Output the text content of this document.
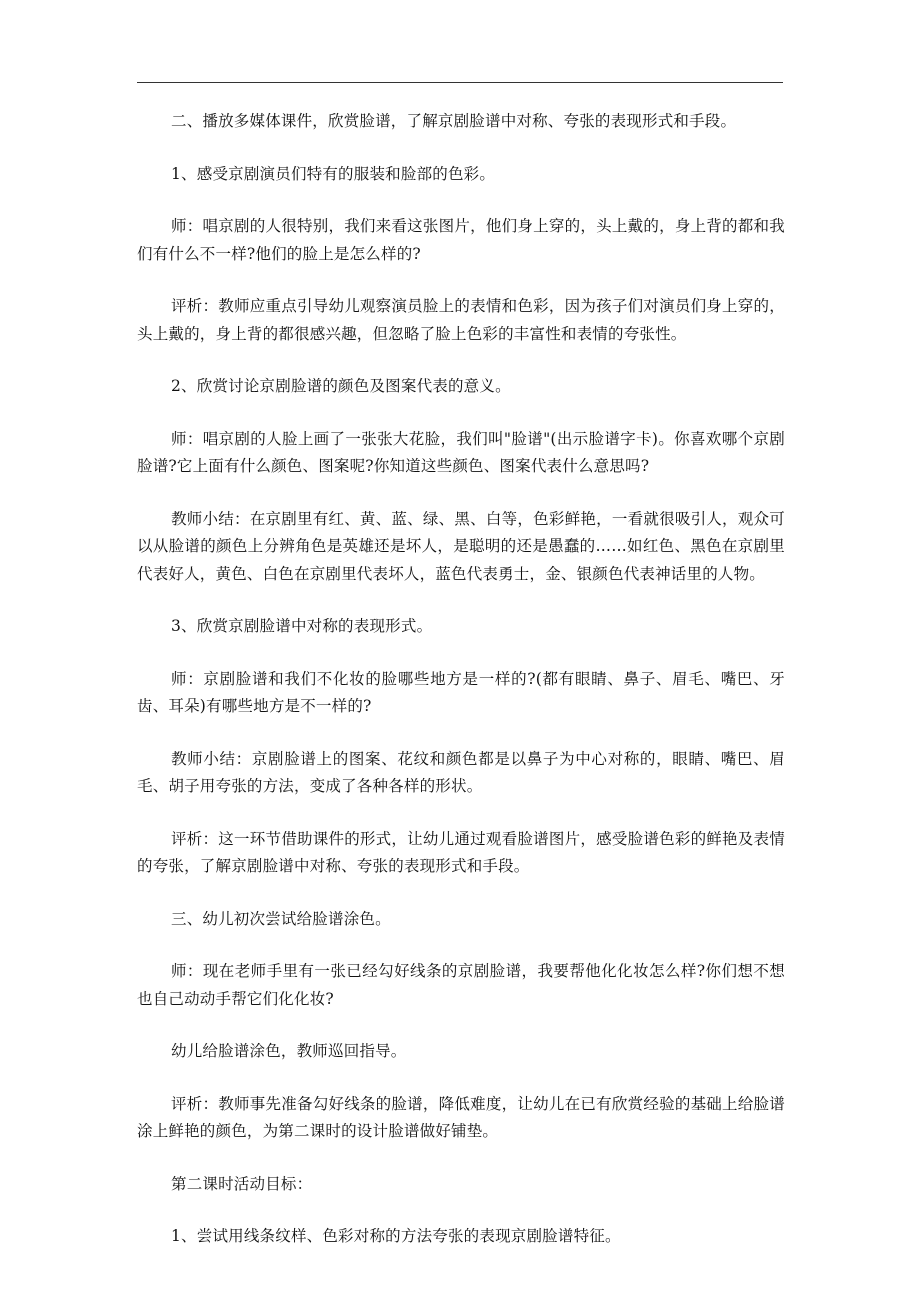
二、播放多媒体课件，欣赏脸谱，了解京剧脸谱中对称、夸张的表现形式和手段。

1、感受京剧演员们特有的服装和脸部的色彩。

师：唱京剧的人很特别，我们来看这张图片，他们身上穿的，头上戴的，身上背的都和我们有什么不一样?他们的脸上是怎么样的?

评析：教师应重点引导幼儿观察演员脸上的表情和色彩，因为孩子们对演员们身上穿的，头上戴的，身上背的都很感兴趣，但忽略了脸上色彩的丰富性和表情的夸张性。

2、欣赏讨论京剧脸谱的颜色及图案代表的意义。

师：唱京剧的人脸上画了一张张大花脸，我们叫"脸谱"(出示脸谱字卡)。你喜欢哪个京剧脸谱?它上面有什么颜色、图案呢?你知道这些颜色、图案代表什么意思吗?

教师小结：在京剧里有红、黄、蓝、绿、黑、白等，色彩鲜艳，一看就很吸引人，观众可以从脸谱的颜色上分辨角色是英雄还是坏人，是聪明的还是愚蠢的……如红色、黑色在京剧里代表好人，黄色、白色在京剧里代表坏人，蓝色代表勇士，金、银颜色代表神话里的人物。

3、欣赏京剧脸谱中对称的表现形式。

师：京剧脸谱和我们不化妆的脸哪些地方是一样的?(都有眼睛、鼻子、眉毛、嘴巴、牙齿、耳朵)有哪些地方是不一样的?

教师小结：京剧脸谱上的图案、花纹和颜色都是以鼻子为中心对称的，眼睛、嘴巴、眉毛、胡子用夸张的方法，变成了各种各样的形状。

评析：这一环节借助课件的形式，让幼儿通过观看脸谱图片，感受脸谱色彩的鲜艳及表情的夸张，了解京剧脸谱中对称、夸张的表现形式和手段。

三、幼儿初次尝试给脸谱涂色。

师：现在老师手里有一张已经勾好线条的京剧脸谱，我要帮他化化妆怎么样?你们想不想也自己动动手帮它们化化妆?

幼儿给脸谱涂色，教师巡回指导。

评析：教师事先准备勾好线条的脸谱，降低难度，让幼儿在已有欣赏经验的基础上给脸谱涂上鲜艳的颜色，为第二课时的设计脸谱做好铺垫。

第二课时活动目标：

1、尝试用线条纹样、色彩对称的方法夸张的表现京剧脸谱特征。
